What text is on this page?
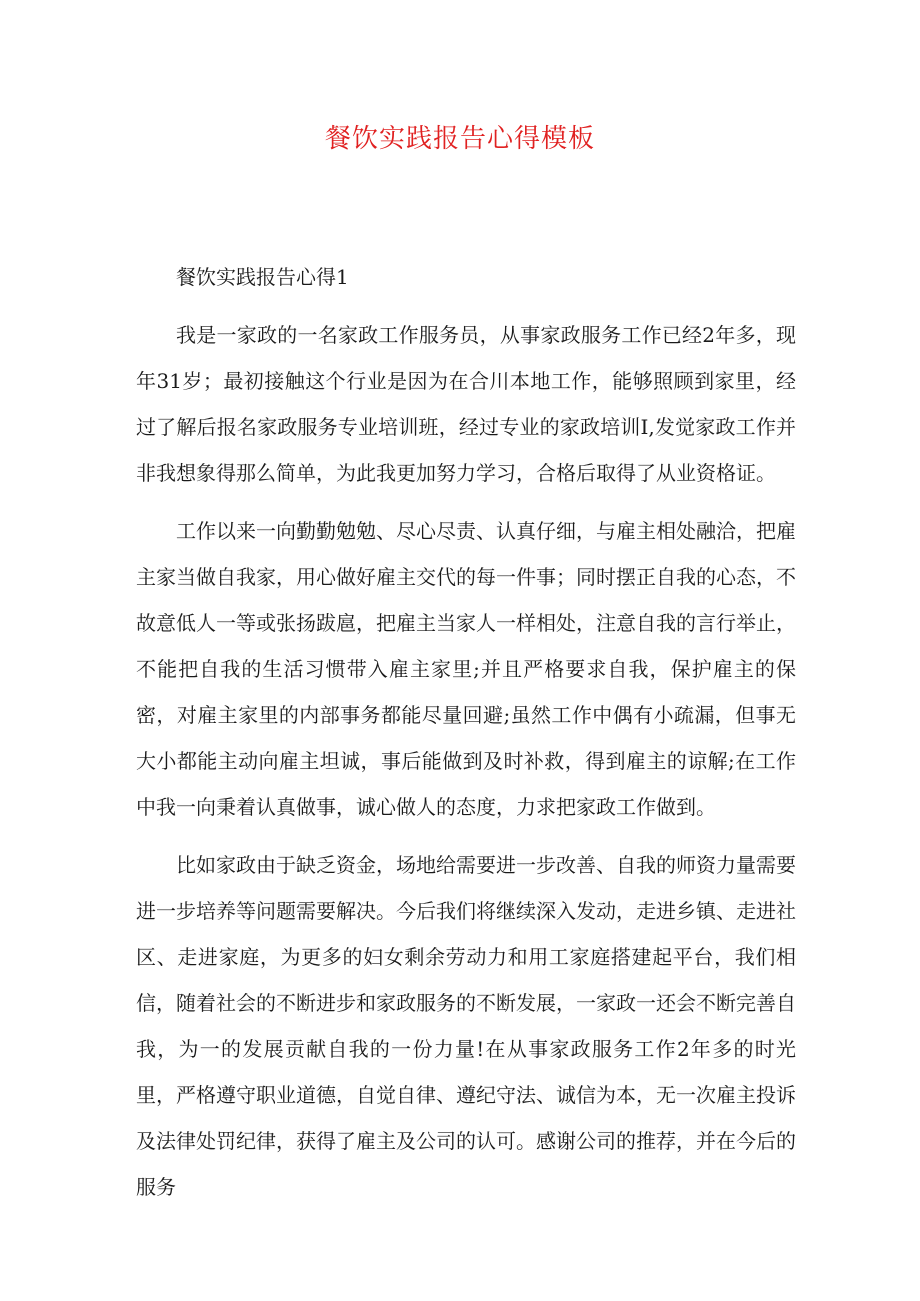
餐饮实践报告心得模板
餐饮实践报告心得1

我是一家政的一名家政工作服务员，从事家政服务工作已经2年多，现年31岁；最初接触这个行业是因为在合川本地工作，能够照顾到家里，经过了解后报名家政服务专业培训班，经过专业的家政培训I,发觉家政工作并非我想象得那么简单，为此我更加努力学习，合格后取得了从业资格证。

工作以来一向勤勤勉勉、尽心尽责、认真仔细，与雇主相处融洽，把雇主家当做自我家，用心做好雇主交代的每一件事；同时摆正自我的心态，不故意低人一等或张扬跋扈，把雇主当家人一样相处，注意自我的言行举止，不能把自我的生活习惯带入雇主家里;并且严格要求自我，保护雇主的保密，对雇主家里的内部事务都能尽量回避;虽然工作中偶有小疏漏，但事无大小都能主动向雇主坦诚，事后能做到及时补救，得到雇主的谅解;在工作中我一向秉着认真做事，诚心做人的态度，力求把家政工作做到。

比如家政由于缺乏资金，场地给需要进一步改善、自我的师资力量需要进一步培养等问题需要解决。今后我们将继续深入发动，走进乡镇、走进社区、走进家庭，为更多的妇女剩余劳动力和用工家庭搭建起平台，我们相信，随着社会的不断进步和家政服务的不断发展，一家政一还会不断完善自我，为一的发展贡献自我的一份力量!在从事家政服务工作2年多的时光里，严格遵守职业道德，自觉自律、遵纪守法、诚信为本，无一次雇主投诉及法律处罚纪律，获得了雇主及公司的认可。感谢公司的推荐，并在今后的服务
